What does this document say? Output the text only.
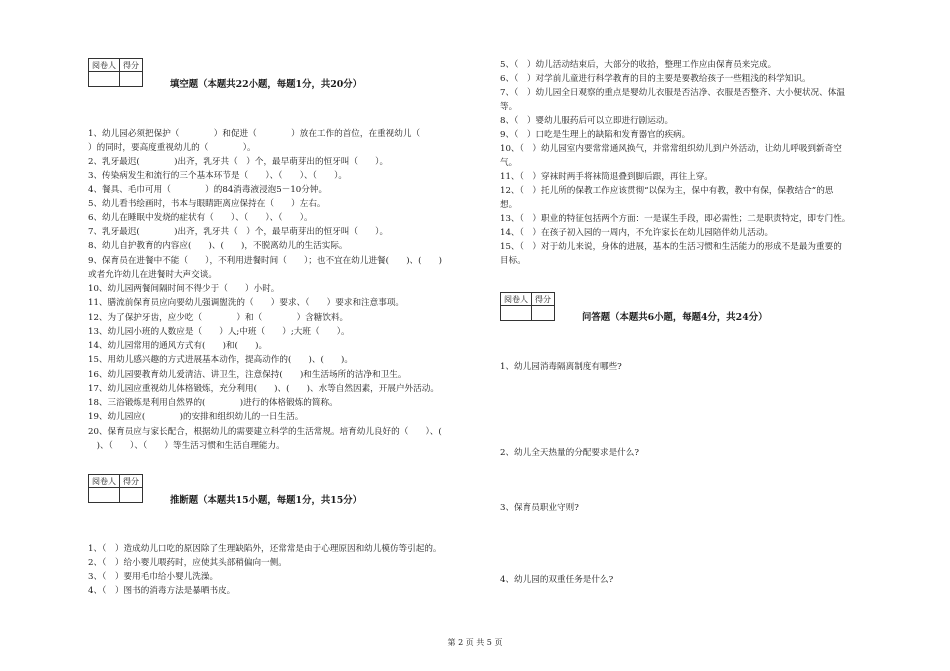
阅卷人	得分

填空题（本题共22小题，每题1分，共20分）
1、幼儿园必须把保护（　　　　）和促进（　　　　）放在工作的首位，在重视幼儿（
）的同时，要高度重视幼儿的（　　　　）。
2、乳牙最迟(　　　　)出齐，乳牙共（　）个，最早萌芽出的恒牙叫（　　）。
3、传染病发生和流行的三个基本环节是（　　）、（　　）、（　　）。
4、餐具、毛巾可用（　　　　）的84消毒液浸泡5－10分钟。
5、幼儿看书绘画时，书本与眼睛距离应保持在（　　）左右。
6、幼儿在睡眠中发烧的症状有（　　）、（　　）、（　　）。
7、乳牙最迟(　　　　)出齐，乳牙共（　）个，最早萌芽出的恒牙叫（　　）。
8、幼儿自护教育的内容应(　　)、(　　)，不脱离幼儿的生活实际。
9、保育员在进餐中不能（　　），不利用进餐时间（　　）；也不宜在幼儿进餐(　　)、(　　)
或者允许幼儿在进餐时大声交谈。
10、幼儿园两餐间隔时间不得少于（　　）小时。
11、膳流前保育员应向要幼儿强调盥洗的（　　）要求、（　　）要求和注意事项。
12、为了保护牙齿，应少吃（　　　　）和（　　　　）含糖饮料。
13、幼儿园小班的人数应是（　　）人;中班（　　）;大班（　　）。
14、幼儿园常用的通风方式有(　　)和(　　)。
15、用幼儿感兴趣的方式进展基本动作，提高动作的(　　)、(　　)。
16、幼儿园要教育幼儿爱清洁、讲卫生，注意保持(　　)和生活场所的洁净和卫生。
17、幼儿园应重视幼儿体格锻炼，充分利用(　　)、(　　)、水等自然因素，开展户外活动。
18、三浴锻炼是利用自然界的(　　　　)进行的体格锻炼的简称。
19、幼儿园应(　　　　)的安排和组织幼儿的一日生活。
20、保育员应与家长配合，根据幼儿的需要建立科学的生活常规。培育幼儿良好的（　　）、(
　)、（　　）、（　　）等生活习惯和生活自理能力。
阅卷人	得分

推断题（本题共15小题，每题1分，共15分）
1、（　）造成幼儿口吃的原因除了生理缺陷外，还常常是由于心理原因和幼儿模仿等引起的。
2、（　）给小婴儿喂药时，应使其头部稍偏向一侧。
3、（　）要用毛巾给小婴儿洗澡。
4、（　）图书的消毒方法是暴晒书皮。
5、（　）幼儿活动结束后，大部分的收拾，整理工作应由保育员来完成。
6、（　）对学前儿童进行科学教育的目的主要是要教给孩子一些粗浅的科学知识。
7、（　）幼儿园全日观察的重点是婴幼儿衣服是否洁净、衣服是否整齐、大小便状况、体温
等。
8、（　）婴幼儿服药后可以立即进行剧运动。
9、（　）口吃是生理上的缺陷和发育器官的疾病。
10、（　）幼儿园室内要常常通风换气，并常常组织幼儿到户外活动，让幼儿呼吸到新奇空
气。
11、（　）穿袜时两手将袜筒退叠到脚后跟，再往上穿。
12、（　）托儿所的保教工作应该贯彻“以保为主，保中有教，教中有保，保教结合”的思
想。
13、（　）职业的特征包括两个方面：一是谋生手段，即必需性；二是职责特定，即专门性。
14、（　）在孩子初入园的一周内，不允许家长在幼儿园陪伴幼儿活动。
15、（　）对于幼儿来说，身体的进展，基本的生活习惯和生活能力的形成不是最为重要的
目标。
阅卷人	得分

问答题（本题共6小题，每题4分，共24分）
1、幼儿园消毒隔离制度有哪些?
2、幼儿全天热量的分配要求是什么?
3、保育员职业守则?
4、幼儿园的双重任务是什么?
第 2 页 共 5 页
